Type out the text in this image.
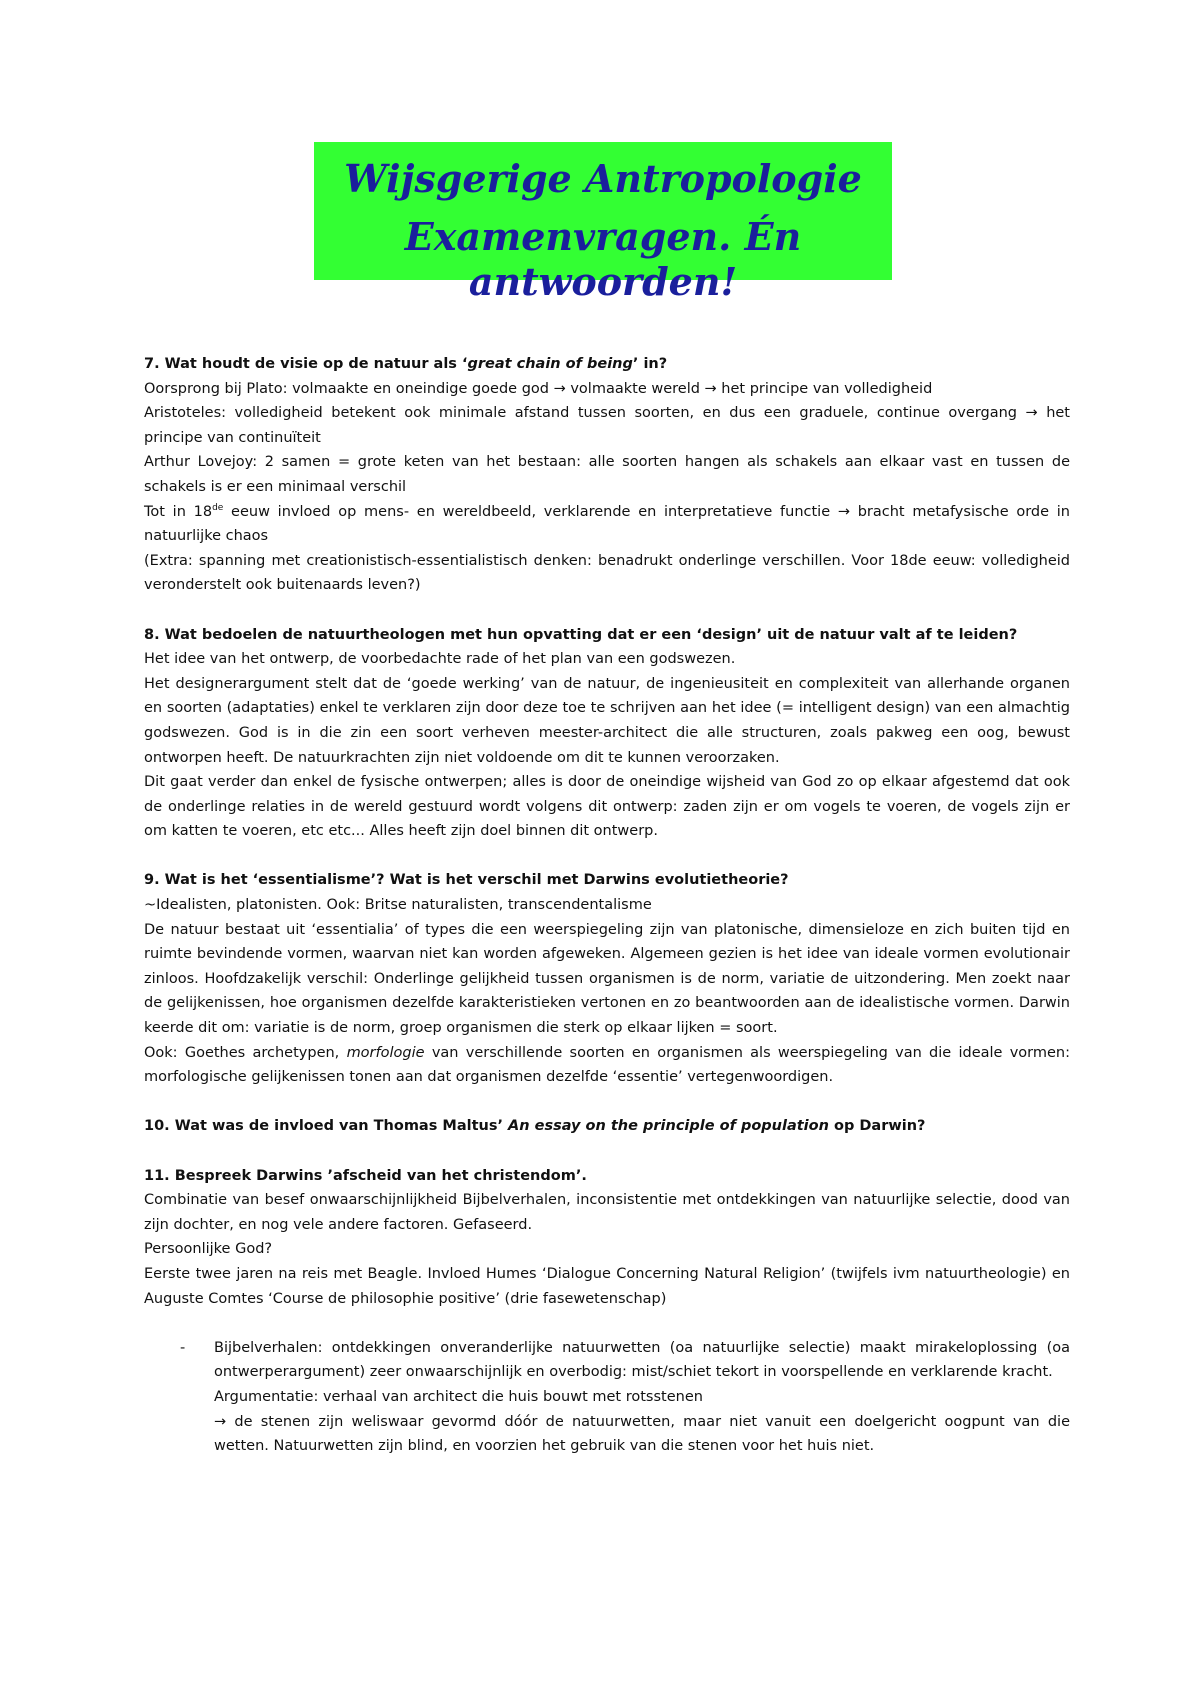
Wijsgerige Antropologie
Examenvragen. Én antwoorden!

7. Wat houdt de visie op de natuur als ‘great chain of being’ in?

Oorsprong bij Plato: volmaakte en oneindige goede god → volmaakte wereld → het principe van volledigheid

Aristoteles: volledigheid betekent ook minimale afstand tussen soorten, en dus een graduele, continue overgang → het principe van continuïteit

Arthur Lovejoy: 2 samen = grote keten van het bestaan: alle soorten hangen als schakels aan elkaar vast en tussen de schakels is er een minimaal verschil

Tot in 18de eeuw invloed op mens- en wereldbeeld, verklarende en interpretatieve functie → bracht metafysische orde in natuurlijke chaos

(Extra: spanning met creationistisch-essentialistisch denken: benadrukt onderlinge verschillen. Voor 18de eeuw: volledigheid veronderstelt ook buitenaards leven?)

8. Wat bedoelen de natuurtheologen met hun opvatting dat er een ‘design’ uit de natuur valt af te leiden?

Het idee van het ontwerp, de voorbedachte rade of het plan van een godswezen.

Het designerargument stelt dat de ‘goede werking’ van de natuur, de ingenieusiteit en complexiteit van allerhande organen en soorten (adaptaties) enkel te verklaren zijn door deze toe te schrijven aan het idee (= intelligent design) van een almachtig godswezen. God is in die zin een soort verheven meester-architect die alle structuren, zoals pakweg een oog, bewust ontworpen heeft. De natuurkrachten zijn niet voldoende om dit te kunnen veroorzaken.

Dit gaat verder dan enkel de fysische ontwerpen; alles is door de oneindige wijsheid van God zo op elkaar afgestemd dat ook de onderlinge relaties in de wereld gestuurd wordt volgens dit ontwerp: zaden zijn er om vogels te voeren, de vogels zijn er om katten te voeren, etc etc... Alles heeft zijn doel binnen dit ontwerp.

9. Wat is het ‘essentialisme’? Wat is het verschil met Darwins evolutietheorie?

~Idealisten, platonisten. Ook: Britse naturalisten, transcendentalisme

De natuur bestaat uit ‘essentialia’ of types die een weerspiegeling zijn van platonische, dimensieloze en zich buiten tijd en ruimte bevindende vormen, waarvan niet kan worden afgeweken. Algemeen gezien is het idee van ideale vormen evolutionair zinloos. Hoofdzakelijk verschil: Onderlinge gelijkheid tussen organismen is de norm, variatie de uitzondering. Men zoekt naar de gelijkenissen, hoe organismen dezelfde karakteristieken vertonen en zo beantwoorden aan de idealistische vormen. Darwin keerde dit om: variatie is de norm, groep organismen die sterk op elkaar lijken = soort.

Ook: Goethes archetypen, morfologie van verschillende soorten en organismen als weerspiegeling van die ideale vormen: morfologische gelijkenissen tonen aan dat organismen dezelfde ‘essentie’ vertegenwoordigen.

10. Wat was de invloed van Thomas Maltus’ An essay on the principle of population op Darwin?

11. Bespreek Darwins ’afscheid van het christendom’.

Combinatie van besef onwaarschijnlijkheid Bijbelverhalen, inconsistentie met ontdekkingen van natuurlijke selectie, dood van zijn dochter, en nog vele andere factoren. Gefaseerd.

Persoonlijke God?

Eerste twee jaren na reis met Beagle. Invloed Humes ‘Dialogue Concerning Natural Religion’ (twijfels ivm natuurtheologie) en Auguste Comtes ‘Course de philosophie positive’ (drie fasewetenschap)

- Bijbelverhalen: ontdekkingen onveranderlijke natuurwetten (oa natuurlijke selectie) maakt mirakeloplossing (oa ontwerperargument) zeer onwaarschijnlijk en overbodig: mist/schiet tekort in voorspellende en verklarende kracht.

Argumentatie: verhaal van architect die huis bouwt met rotsstenen

→ de stenen zijn weliswaar gevormd dóór de natuurwetten, maar niet vanuit een doelgericht oogpunt van die wetten. Natuurwetten zijn blind, en voorzien het gebruik van die stenen voor het huis niet.
